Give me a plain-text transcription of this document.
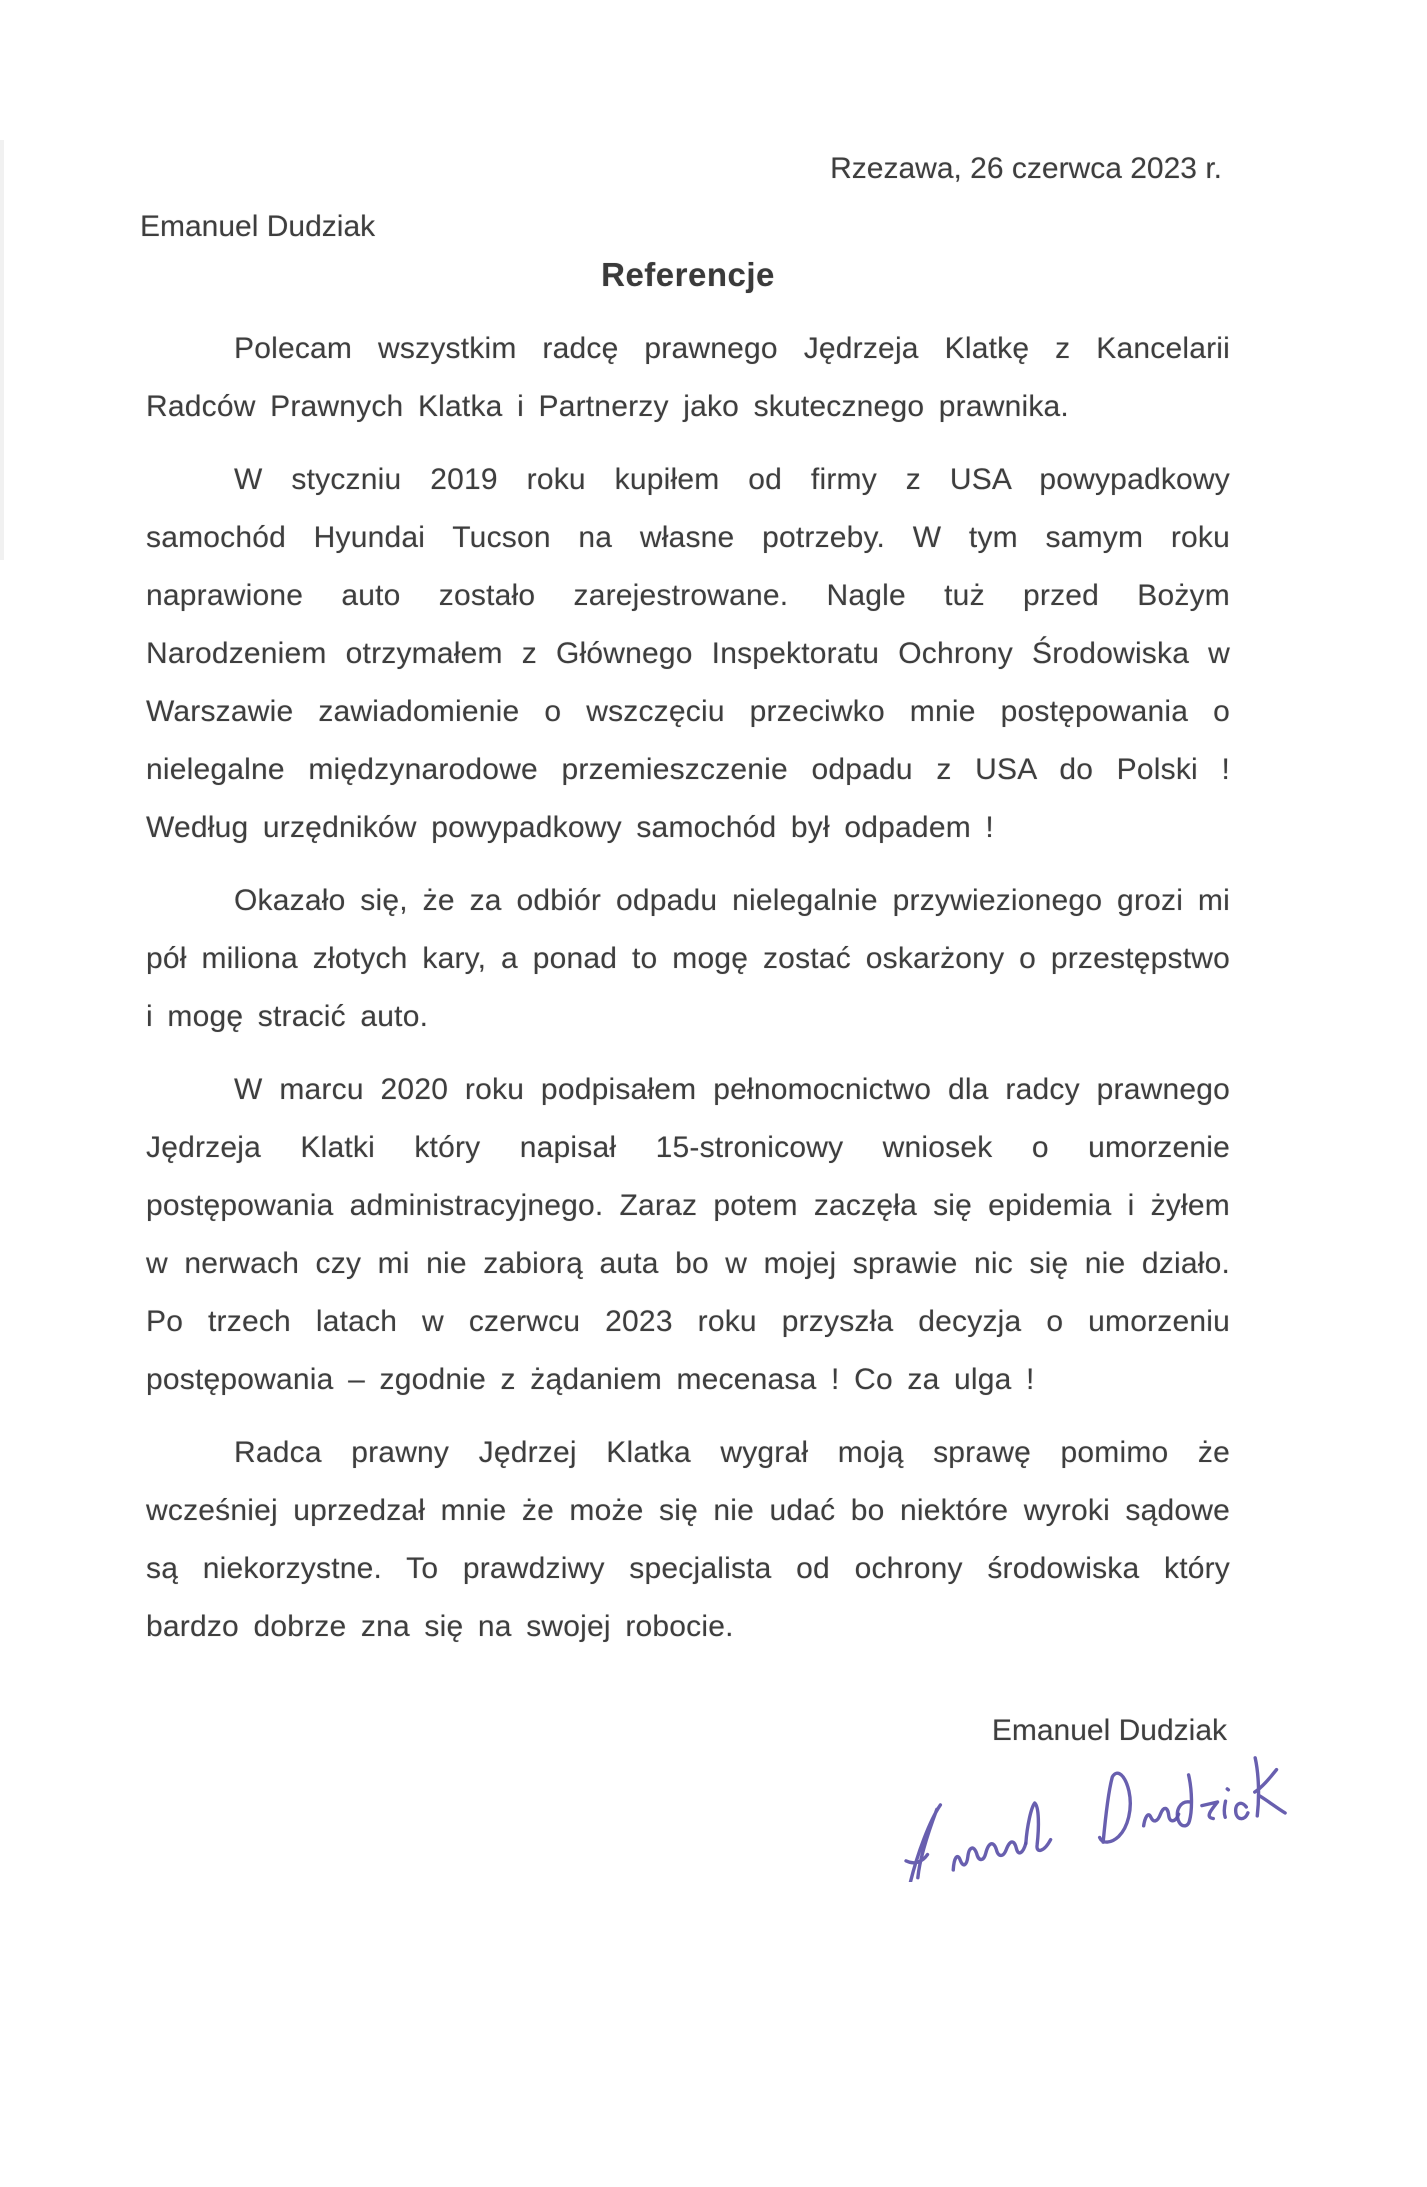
Rzezawa, 26 czerwca 2023 r.
Emanuel Dudziak
Referencje

Polecam wszystkim radcę prawnego Jędrzeja Klatkę z Kancelarii Radców Prawnych Klatka i Partnerzy jako skutecznego prawnika.

W styczniu 2019 roku kupiłem od firmy z USA powypadkowy samochód Hyundai Tucson na własne potrzeby. W tym samym roku naprawione auto zostało zarejestrowane. Nagle tuż przed Bożym Narodzeniem otrzymałem z Głównego Inspektoratu Ochrony Środowiska w Warszawie zawiadomienie o wszczęciu przeciwko mnie postępowania o nielegalne międzynarodowe przemieszczenie odpadu z USA do Polski ! Według urzędników powypadkowy samochód był odpadem !

Okazało się, że za odbiór odpadu nielegalnie przywiezionego grozi mi pół miliona złotych kary, a ponad to mogę zostać oskarżony o przestępstwo i mogę stracić auto.

W marcu 2020 roku podpisałem pełnomocnictwo dla radcy prawnego Jędrzeja Klatki który napisał 15-stronicowy wniosek o umorzenie postępowania administracyjnego. Zaraz potem zaczęła się epidemia i żyłem w nerwach czy mi nie zabiorą auta bo w mojej sprawie nic się nie działo. Po trzech latach w czerwcu 2023 roku przyszła decyzja o umorzeniu postępowania – zgodnie z żądaniem mecenasa ! Co za ulga !

Radca prawny Jędrzej Klatka wygrał moją sprawę pomimo że wcześniej uprzedzał mnie że może się nie udać bo niektóre wyroki sądowe są niekorzystne. To prawdziwy specjalista od ochrony środowiska który bardzo dobrze zna się na swojej robocie.

Emanuel Dudziak
